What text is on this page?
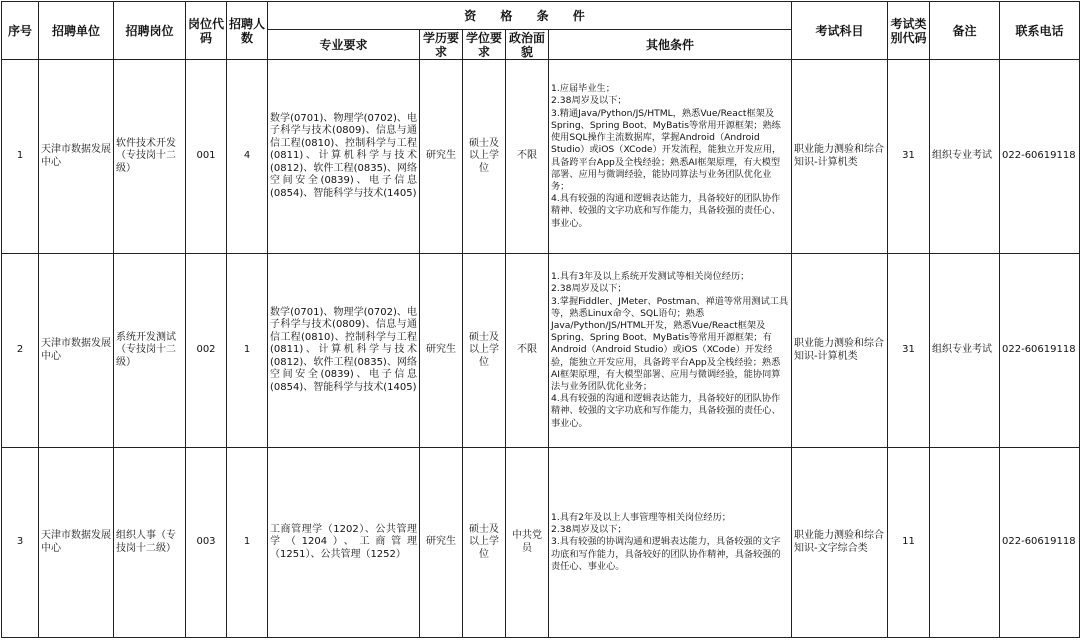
序号	招聘单位	招聘岗位	岗位代码	招聘人数	资 格 条 件					考试科目	考试类别代码	备注	联系电话
					专业要求	学历要求	学位要求	政治面貌	其他条件				
1	天津市数据发展中心	软件技术开发（专技岗十二级）	001	4	数学(0701)、物理学(0702)、电子科学与技术(0809)、信息与通信工程(0810)、控制科学与工程(0811)、计算机科学与技术(0812)、软件工程(0835)、网络空间安全(0839)、电子信息(0854)、智能科学与技术(1405)	研究生	硕士及以上学位	不限	1.应届毕业生；
2.38周岁及以下；
3.精通Java/Python/JS/HTML，熟悉Vue/React框架及Spring、Spring Boot、MyBatis等常用开源框架；熟练使用SQL操作主流数据库，掌握Android（Android Studio）或iOS（XCode）开发流程，能独立开发应用，具备跨平台App及全栈经验；熟悉AI框架原理，有大模型部署、应用与微调经验，能协同算法与业务团队优化业务；
4.具有较强的沟通和逻辑表达能力，具备较好的团队协作精神、较强的文字功底和写作能力，具备较强的责任心、事业心。	职业能力测验和综合知识-计算机类	31	组织专业考试	022-60619118
2	天津市数据发展中心	系统开发测试（专技岗十二级）	002	1	数学(0701)、物理学(0702)、电子科学与技术(0809)、信息与通信工程(0810)、控制科学与工程(0811)、计算机科学与技术(0812)、软件工程(0835)、网络空间安全(0839)、电子信息(0854)、智能科学与技术(1405)	研究生	硕士及以上学位	不限	1.具有3年及以上系统开发测试等相关岗位经历；
2.38周岁及以下；
3.掌握Fiddler、JMeter、Postman、禅道等常用测试工具等，熟悉Linux命令、SQL语句；熟悉Java/Python/JS/HTML开发，熟悉Vue/React框架及Spring、Spring Boot、MyBatis等常用开源框架；有Android（Android Studio）或iOS（XCode）开发经验，能独立开发应用，具备跨平台App及全栈经验；熟悉AI框架原理，有大模型部署、应用与微调经验，能协同算法与业务团队优化业务；
4.具有较强的沟通和逻辑表达能力，具备较好的团队协作精神、较强的文字功底和写作能力，具备较强的责任心、事业心。	职业能力测验和综合知识-计算机类	31	组织专业考试	022-60619118
3	天津市数据发展中心	组织人事（专技岗十二级）	003	1	工商管理学（1202）、公共管理学（1204）、工商管理（1251）、公共管理（1252）	研究生	硕士及以上学位	中共党员	1.具有2年及以上人事管理等相关岗位经历；
2.38周岁及以下；
3.具有较强的协调沟通和逻辑表达能力，具备较强的文字功底和写作能力，具备较好的团队协作精神，具备较强的责任心、事业心。	职业能力测验和综合知识-文字综合类	11		022-60619118
